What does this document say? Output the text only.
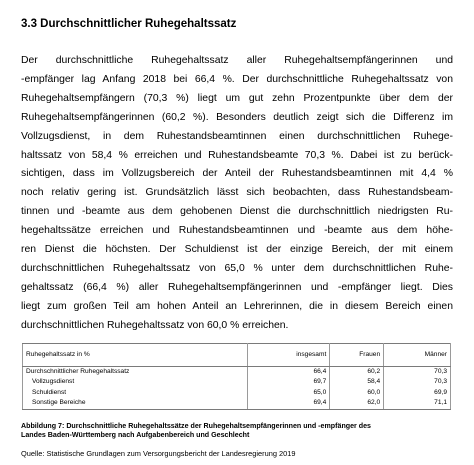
3.3 Durchschnittlicher Ruhegehaltssatz
Der durchschnittliche Ruhegehaltssatz aller Ruhegehaltsempfängerinnen und
-empfänger lag Anfang 2018 bei 66,4 %. Der durchschnittliche Ruhegehaltssatz von
Ruhegehaltsempfängern (70,3 %) liegt um gut zehn Prozentpunkte über dem der
Ruhegehaltsempfängerinnen (60,2 %). Besonders deutlich zeigt sich die Differenz im
Vollzugsdienst, in dem Ruhestandsbeamtinnen einen durchschnittlichen Ruhege-
haltssatz von 58,4 % erreichen und Ruhestandsbeamte 70,3 %. Dabei ist zu berück-
sichtigen, dass im Vollzugsbereich der Anteil der Ruhestandsbeamtinnen mit 4,4 %
noch relativ gering ist. Grundsätzlich lässt sich beobachten, dass Ruhestandsbeam-
tinnen und -beamte aus dem gehobenen Dienst die durchschnittlich niedrigsten Ru-
hegehaltssätze erreichen und Ruhestandsbeamtinnen und -beamte aus dem höhe-
ren Dienst die höchsten. Der Schuldienst ist der einzige Bereich, der mit einem
durchschnittlichen Ruhegehaltssatz von 65,0 % unter dem durchschnittlichen Ruhe-
gehaltssatz (66,4 %) aller Ruhegehaltsempfängerinnen und -empfänger liegt. Dies
liegt zum großen Teil am hohen Anteil an Lehrerinnen, die in diesem Bereich einen
durchschnittlichen Ruhegehaltssatz von 60,0 % erreichen.
Ruhegehaltssatz in %	insgesamt	Frauen	Männer
Durchschnittlicher Ruhegehaltssatz	66,4	60,2	70,3
Vollzugsdienst	69,7	58,4	70,3
Schuldienst	65,0	60,0	69,9
Sonstige Bereiche	69,4	62,0	71,1
Abbildung 7: Durchschnittliche Ruhegehaltssätze der Ruhegehaltsempfängerinnen und -empfänger des
Landes Baden-Württemberg nach Aufgabenbereich und Geschlecht
Quelle: Statistische Grundlagen zum Versorgungsbericht der Landesregierung 2019
